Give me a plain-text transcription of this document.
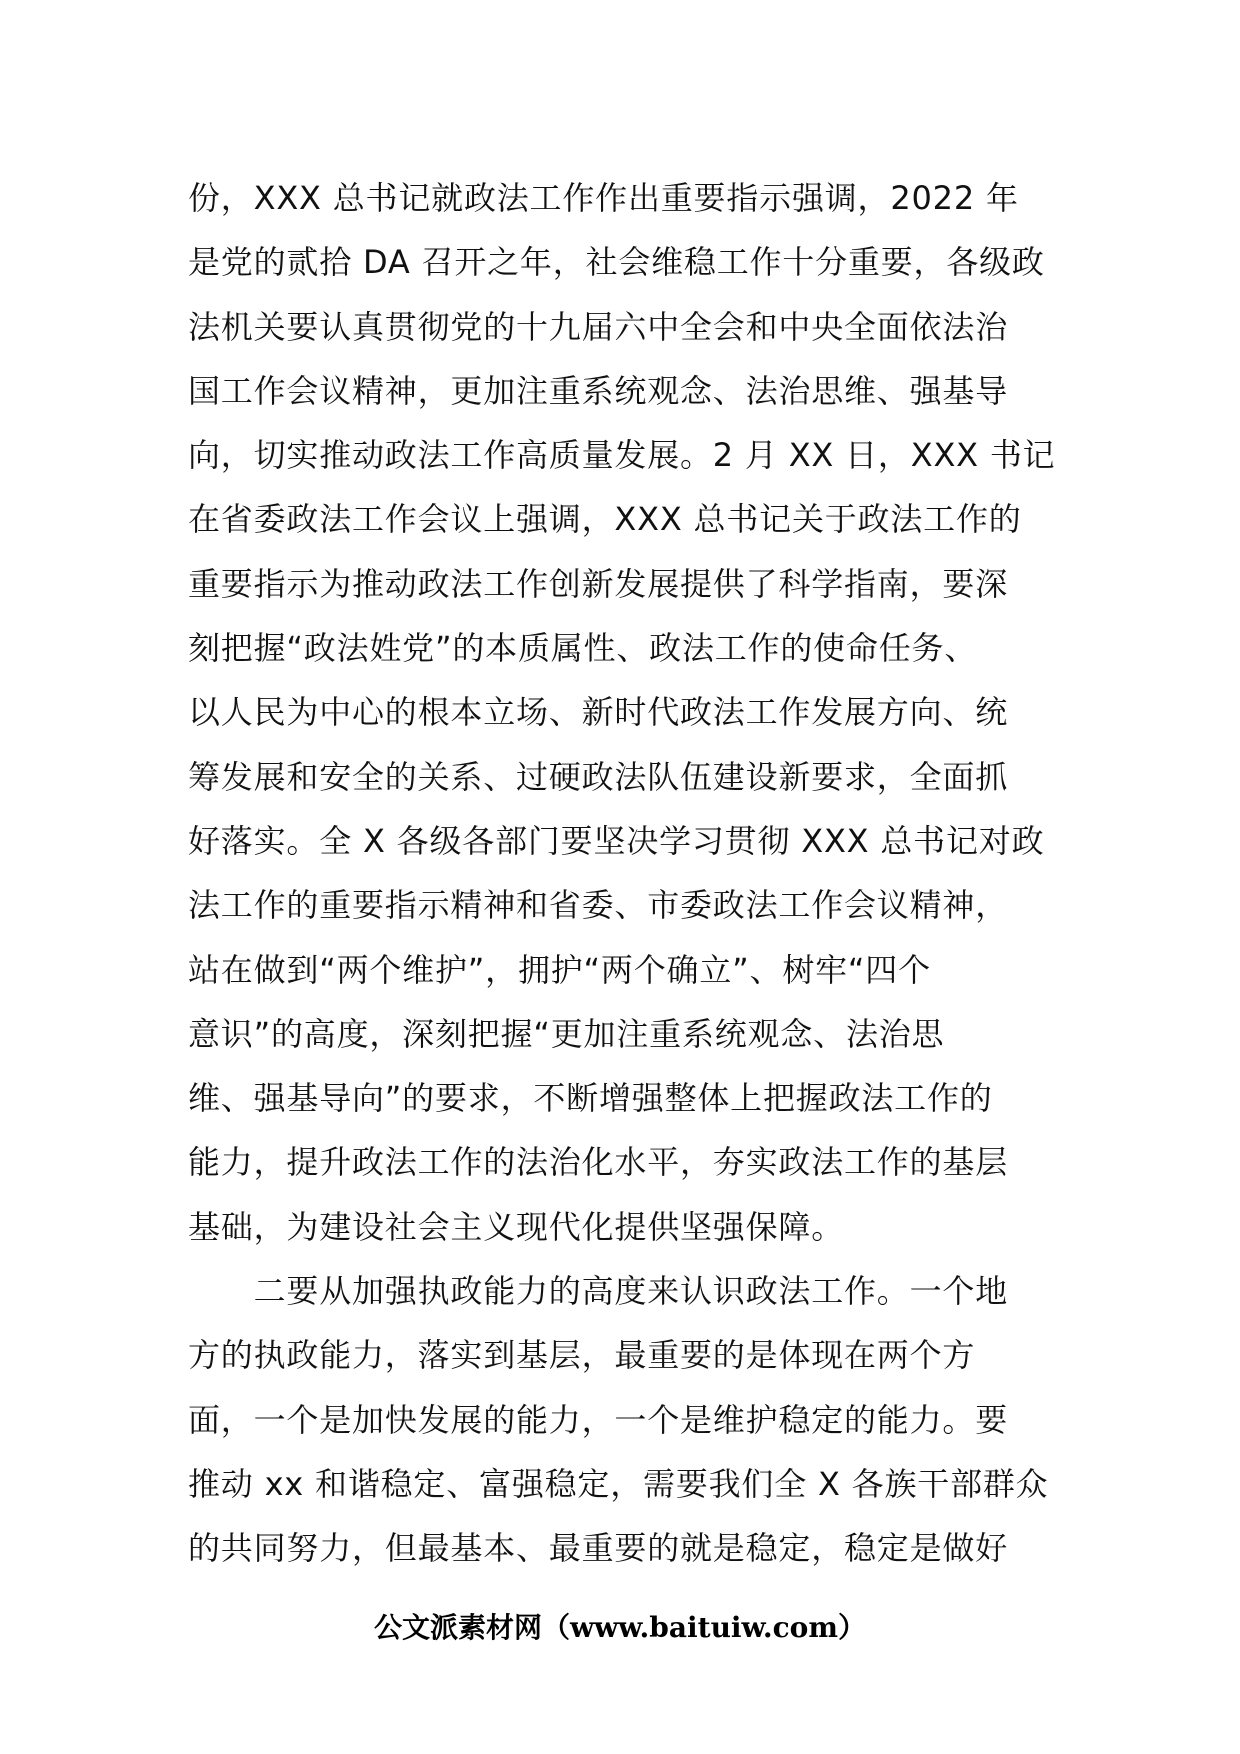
份，XXX 总书记就政法工作作出重要指示强调，2022 年
是党的贰拾 DA 召开之年，社会维稳工作十分重要，各级政
法机关要认真贯彻党的十九届六中全会和中央全面依法治
国工作会议精神，更加注重系统观念、法治思维、强基导
向，切实推动政法工作高质量发展。2 月 XX 日，XXX 书记
在省委政法工作会议上强调，XXX 总书记关于政法工作的
重要指示为推动政法工作创新发展提供了科学指南，要深
刻把握“政法姓党”的本质属性、政法工作的使命任务、
以人民为中心的根本立场、新时代政法工作发展方向、统
筹发展和安全的关系、过硬政法队伍建设新要求，全面抓
好落实。全 X 各级各部门要坚决学习贯彻 XXX 总书记对政
法工作的重要指示精神和省委、市委政法工作会议精神，
站在做到“两个维护”，拥护“两个确立”、树牢“四个
意识”的高度，深刻把握“更加注重系统观念、法治思
维、强基导向”的要求，不断增强整体上把握政法工作的
能力，提升政法工作的法治化水平，夯实政法工作的基层
基础，为建设社会主义现代化提供坚强保障。
　　二要从加强执政能力的高度来认识政法工作。一个地
方的执政能力，落实到基层，最重要的是体现在两个方
面，一个是加快发展的能力，一个是维护稳定的能力。要
推动 xx 和谐稳定、富强稳定，需要我们全 X 各族干部群众
的共同努力，但最基本、最重要的就是稳定，稳定是做好
公文派素材网（www.baituiw.com）
